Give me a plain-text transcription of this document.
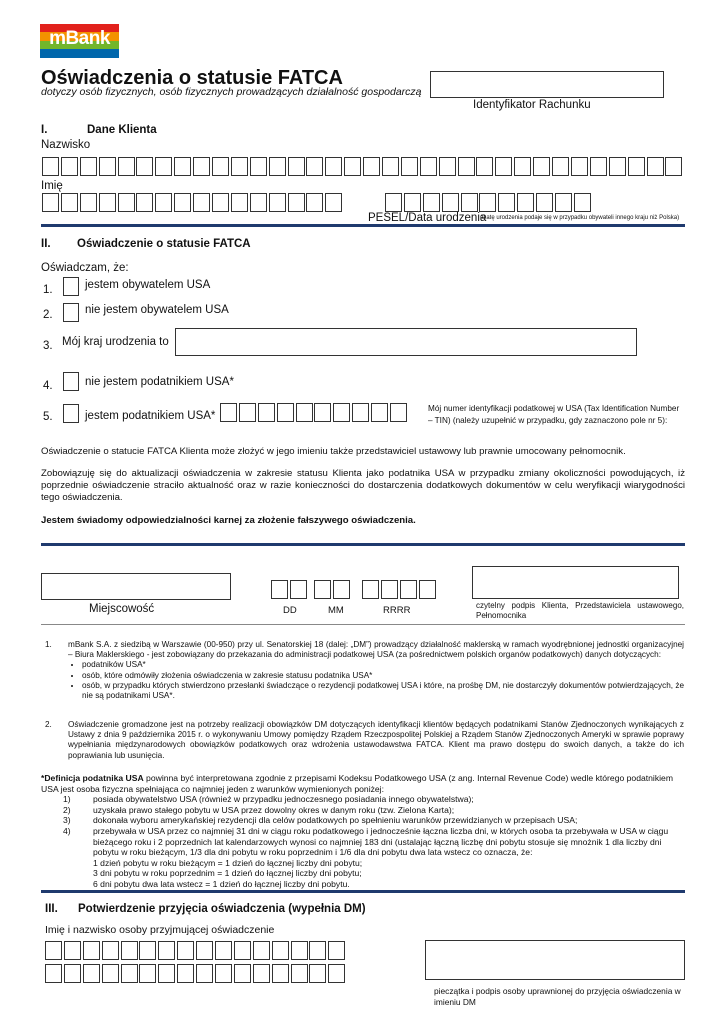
mBank
Oświadczenia o statusie FATCA
dotyczy osób fizycznych, osób fizycznych prowadzących działalność gospodarczą
Identyfikator Rachunku
I.	Dane Klienta
Nazwisko
Imię
PESEL/Data urodzenia
(Datę urodzenia podaje się w przypadku obywateli innego kraju niż Polska)
II. Oświadczenie o statusie FATCA
Oświadczam, że:
1.	jestem obywatelem USA
2.	nie jestem obywatelem USA
3. Mój kraj urodzenia to
4.	nie jestem podatnikiem USA*
5.	jestem podatnikiem USA*
Mój numer identyfikacji podatkowej w USA (Tax Identification Number – TIN) (należy uzupełnić w przypadku, gdy zaznaczono pole nr 5):
Oświadczenie o statucie FATCA Klienta może złożyć w jego imieniu także przedstawiciel ustawowy lub prawnie umocowany pełnomocnik.
Zobowiązuję się do aktualizacji oświadczenia w zakresie statusu Klienta jako podatnika USA w przypadku zmiany okoliczności powodujących, iż poprzednie oświadczenie straciło aktualność oraz w razie konieczności do dostarczenia dodatkowych dokumentów w celu weryfikacji wiarygodności tego oświadczenia.
Jestem świadomy odpowiedzialności karnej za złożenie fałszywego oświadczenia.
Miejscowość	DD	MM	RRRR	czytelny podpis Klienta, Przedstawiciela ustawowego, Pełnomocnika
1. mBank S.A. z siedzibą w Warszawie (00-950) przy ul. Senatorskiej 18 (dalej: „DM”) prowadzący działalność maklerską w ramach wyodrębnionej jednostki organizacyjnej – Biura Maklerskiego - jest zobowiązany do przekazania do administracji podatkowej USA (za pośrednictwem polskich organów podatkowych) danych dotyczących:
• podatników USA*
• osób, które odmówiły złożenia oświadczenia w zakresie statusu podatnika USA*
• osób, w przypadku których stwierdzono przesłanki świadczące o rezydencji podatkowej USA i które, na prośbę DM, nie dostarczyły dokumentów potwierdzających, że nie są podatnikami USA*.
2. Oświadczenie gromadzone jest na potrzeby realizacji obowiązków DM dotyczących identyfikacji klientów będących podatnikami Stanów Zjednoczonych wynikających z Ustawy z dnia 9 października 2015 r. o wykonywaniu Umowy pomiędzy Rządem Rzeczpospolitej Polskiej a Rządem Stanów Zjednoczonych Ameryki w sprawie poprawy wypełniania międzynarodowych obowiązków podatkowych oraz wdrożenia ustawodawstwa FATCA. Klient ma prawo dostępu do swoich danych, a także do ich poprawiania lub usunięcia.
*Definicja podatnika USA powinna być interpretowana zgodnie z przepisami Kodeksu Podatkowego USA (z ang. Internal Revenue Code) wedle którego podatnikiem USA jest osoba fizyczna spełniająca co najmniej jeden z warunków wymienionych poniżej:
1)	posiada obywatelstwo USA (również w przypadku jednoczesnego posiadania innego obywatelstwa);
2)	uzyskała prawo stałego pobytu w USA przez dowolny okres w danym roku (tzw. Zielona Karta);
3)	dokonała wyboru amerykańskiej rezydencji dla celów podatkowych po spełnieniu warunków przewidzianych w przepisach USA;
4)	przebywała w USA przez co najmniej 31 dni w ciągu roku podatkowego i jednocześnie łączna liczba dni, w których osoba ta przebywała w USA w ciągu bieżącego roku i 2 poprzednich lat kalendarzowych wynosi co najmniej 183 dni (ustalając łączną liczbę dni pobytu stosuje się mnożnik 1 dla liczby dni pobytu w roku bieżącym, 1/3 dla dni pobytu w roku poprzednim i 1/6 dla dni pobytu dwa lata wstecz co oznacza, że:
1 dzień pobytu w roku bieżącym = 1 dzień do łącznej liczby dni pobytu;
3 dni pobytu w roku poprzednim = 1 dzień do łącznej liczby dni pobytu;
6 dni pobytu dwa lata wstecz = 1 dzień do łącznej liczby dni pobytu.
III. Potwierdzenie przyjęcia oświadczenia (wypełnia DM)
Imię i nazwisko osoby przyjmującej oświadczenie
pieczątka i podpis osoby uprawnionej do przyjęcia oświadczenia w imieniu DM
